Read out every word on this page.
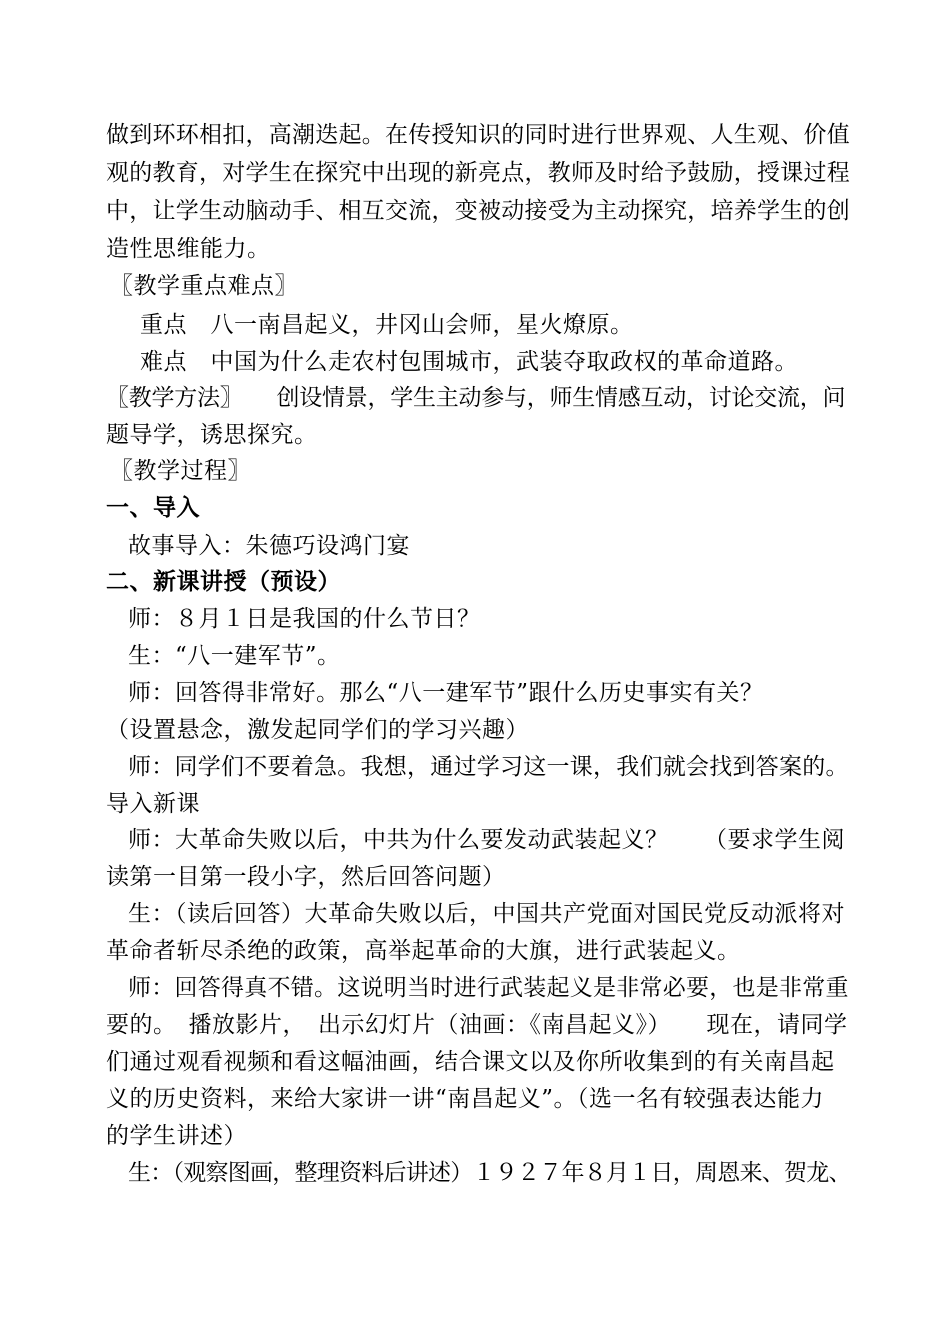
做到环环相扣，高潮迭起。在传授知识的同时进行世界观、人生观、价值
观的教育，对学生在探究中出现的新亮点，教师及时给予鼓励，授课过程
中，让学生动脑动手、相互交流，变被动接受为主动探究，培养学生的创
造性思维能力。
〖教学重点难点〗
重点　八一南昌起义，井冈山会师，星火燎原。
难点　中国为什么走农村包围城市，武装夺取政权的革命道路。
〖教学方法〗　　创设情景，学生主动参与，师生情感互动，讨论交流，问
题导学，诱思探究。
〖教学过程〗
一、导入
故事导入：朱德巧设鸿门宴
二、新课讲授（预设）
师：８月１日是我国的什么节日？
生：“八一建军节”。
师：回答得非常好。那么“八一建军节”跟什么历史事实有关？
（设置悬念，激发起同学们的学习兴趣）
师：同学们不要着急。我想，通过学习这一课，我们就会找到答案的。
导入新课
师：大革命失败以后，中共为什么要发动武装起义？　　（要求学生阅
读第一目第一段小字，然后回答问题）
生：（读后回答）大革命失败以后，中国共产党面对国民党反动派将对
革命者斩尽杀绝的政策，高举起革命的大旗，进行武装起义。
师：回答得真不错。这说明当时进行武装起义是非常必要，也是非常重
要的。　播放影片，　出示幻灯片（油画：《南昌起义》）　　现在，请同学
们通过观看视频和看这幅油画，结合课文以及你所收集到的有关南昌起
义的历史资料，来给大家讲一讲“南昌起义”。（选一名有较强表达能力
的学生讲述）
生：（观察图画，整理资料后讲述）１９２７年８月１日，周恩来、贺龙、
